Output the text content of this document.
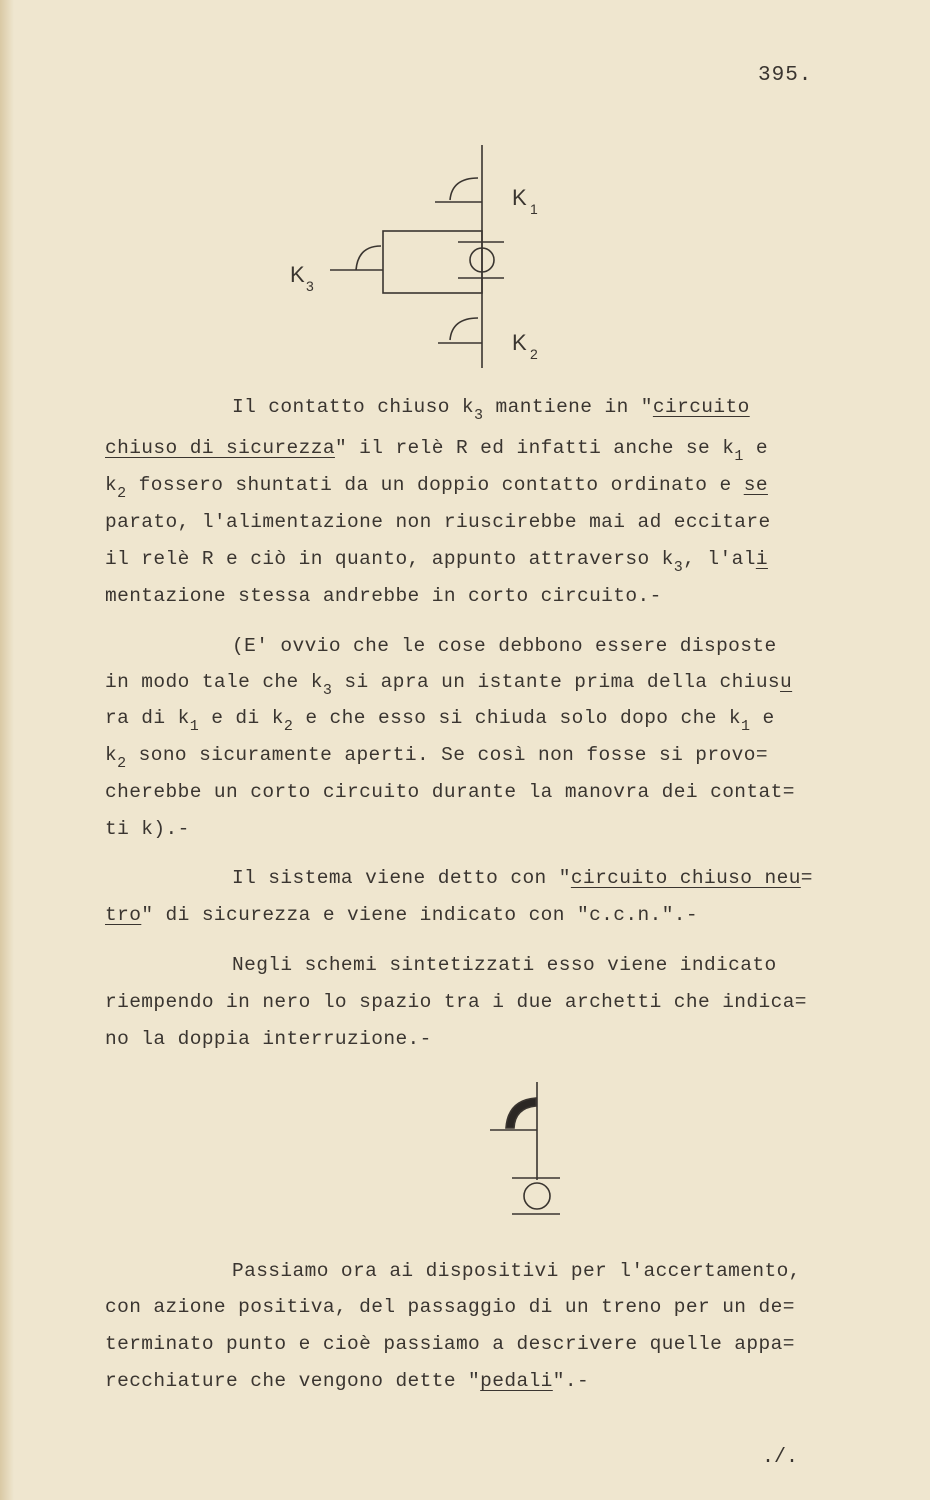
395.
K 1
K 3
K 2
Il contatto chiuso $k_3$ mantiene in "circuito
chiuso di sicurezza" il relè R ed infatti anche se $k_1$ e
$k_2$ fossero shuntati da un doppio contatto ordinato e se
parato, l'alimentazione non riuscirebbe mai ad eccitare
il relè R e ciò in quanto, appunto attraverso $k_3$, l'ali
mentazione stessa andrebbe in corto circuito.-
(E' ovvio che le cose debbono essere disposte
in modo tale che $k_3$ si apra un istante prima della chiusu
ra di $k_1$ e di $k_2$ e che esso si chiuda solo dopo che $k_1$ e
$k_2$ sono sicuramente aperti. Se così non fosse si provo=
cherebbe un corto circuito durante la manovra dei contat=
ti k).-
Il sistema viene detto con "circuito chiuso neu=
tro" di sicurezza e viene indicato con "c.c.n.".-
Negli schemi sintetizzati esso viene indicato
riempendo in nero lo spazio tra i due archetti che indica=
no la doppia interruzione.-
Passiamo ora ai dispositivi per l'accertamento,
con azione positiva, del passaggio di un treno per un de=
terminato punto e cioè passiamo a descrivere quelle appa=
recchiature che vengono dette "pedali".-
./.
